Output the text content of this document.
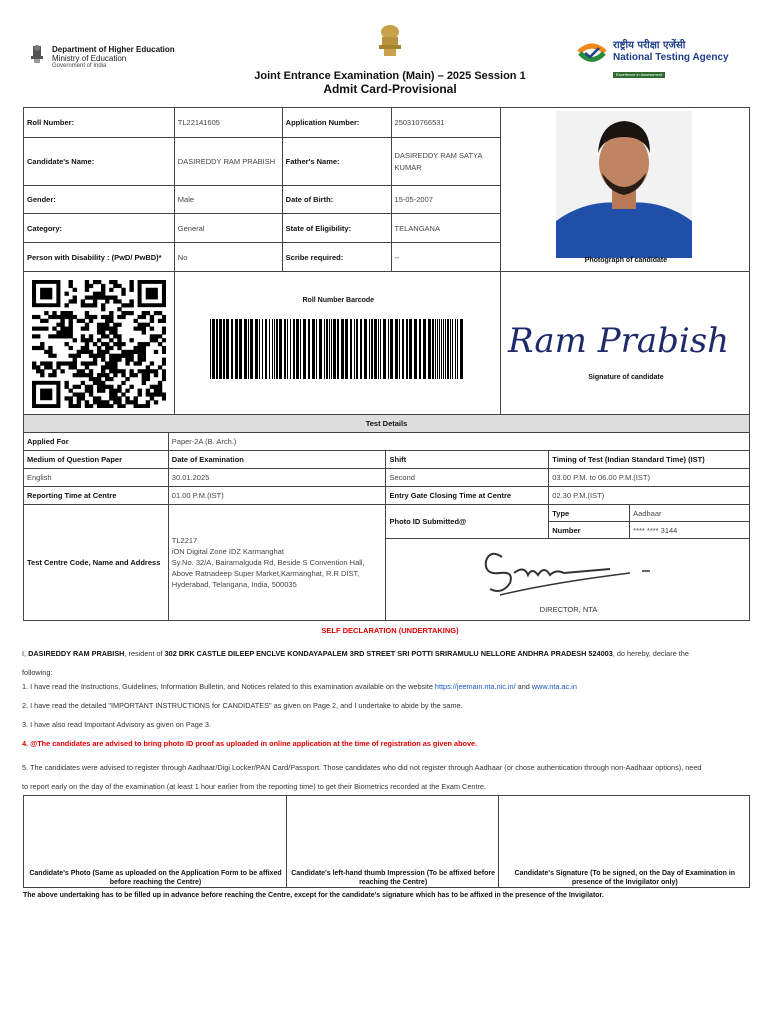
Department of Higher Education
Ministry of Education
Government of India
राष्ट्रीय परीक्षा एजेंसी
National Testing Agency
Excellence in Assessment
Joint Entrance Examination (Main) – 2025 Session 1
Admit Card-Provisional
Roll Number:	TL22141605	Application Number:	250310766531	Photograph of candidate

Candidate's Name:	DASIREDDY RAM PRABISH	Father's Name:	DASIREDDY RAM SATYA KUMAR	
Gender:	Male	Date of Birth:	15-05-2007	
Category:	General	State of Eligibility:	TELANGANA	
Person with Disability : (PwD/ PwBD)*	No	Scribe required:	--	

Roll Number Barcode			Ram Prabish
Signature of candidate
Test Details				
Applied For	Paper-2A (B. Arch.)			
Medium of Question Paper	Date of Examination	Shift	Timing of Test (Indian Standard Time) (IST)	
English	30.01.2025	Second	03.00 P.M. to 06.00 P.M.(IST)	
Reporting Time at Centre	01.00 P.M.(IST)	Entry Gate Closing Time at Centre	02.30 P.M.(IST)	
Test Centre Code, Name and Address	TL2217
iON Digital Zone IDZ Karmanghat
Sy.No. 32/A, Bairamalguda Rd, Beside S Convention Hall,
Above Ratnadeep Super Market,Karmanghat, R.R DIST,
Hyderabad, Telangana, India, 500035	Photo ID Submitted@	Type	Aadhaar
			Number	**** **** 3144

		DIRECTOR, NTA		
SELF DECLARATION (UNDERTAKING)
I, DASIREDDY RAM PRABISH, resident of 302 DRK CASTLE DILEEP ENCLVE KONDAYAPALEM 3RD STREET SRI POTTI SRIRAMULU NELLORE ANDHRA PRADESH 524003, do hereby, declare the
following:
1. I have read the Instructions, Guidelines, Information Bulletin, and Notices related to this examination available on the website https://jeemain.nta.nic.in/ and www.nta.ac.in
2. I have read the detailed "IMPORTANT INSTRUCTIONS for CANDIDATES" as given on Page 2, and I undertake to abide by the same.
3. I have also read Important Advisory as given on Page 3.
4. @The candidates are advised to bring photo ID proof as uploaded in online application at the time of registration as given above.
5. The candidates were advised to register through Aadhaar/Digi Locker/PAN Card/Passport. Those candidates who did not register through Aadhaar (or chose authentication through non-Aadhaar options), need
to report early on the day of the examination (at least 1 hour earlier from the reporting time) to get their Biometrics recorded at the Exam Centre.
Candidate's Photo (Same as uploaded on the Application Form to be affixed before reaching the Centre)

Candidate's left-hand thumb Impression (To be affixed before reaching the Centre)

Candidate's Signature (To be signed, on the Day of Examination in presence of the Invigilator only)
The above undertaking has to be filled up in advance before reaching the Centre, except for the candidate's signature which has to be affixed in the presence of the Invigilator.
